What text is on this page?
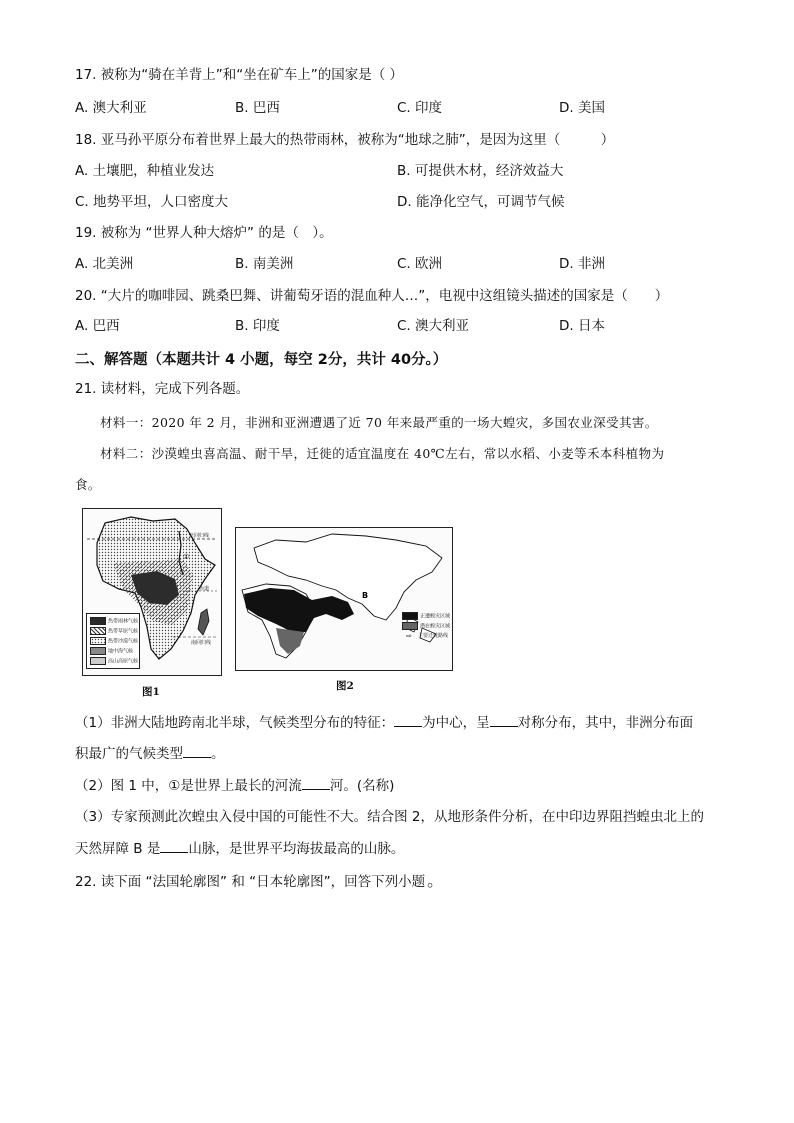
17. 被称为“骑在羊背上”和“坐在矿车上”的国家是（ ）
A. 澳大利亚	B. 巴西	C. 印度	D. 美国
18. 亚马孙平原分布着世界上最大的热带雨林，被称为“地球之肺”，是因为这里（　　　）
A. 土壤肥，种植业发达	B. 可提供木材，经济效益大
C. 地势平坦，人口密度大	D. 能净化空气，可调节气候
19. 被称为 “世界人种大熔炉” 的是（　）。
A. 北美洲	B. 南美洲	C. 欧洲	D. 非洲
20. “大片的咖啡园、跳桑巴舞、讲葡萄牙语的混血种人…”，电视中这组镜头描述的国家是（　　）
A. 巴西	B. 印度	C. 澳大利亚	D. 日本
二、解答题（本题共计 4 小题，每空 2分，共计 40分。）
21. 读材料，完成下列各题。
材料一：2020 年 2 月，非洲和亚洲遭遇了近 70 年来最严重的一场大蝗灾，多国农业深受其害。
材料二：沙漠蝗虫喜高温、耐干旱，迁徙的适宜温度在 40℃左右，常以水稻、小麦等禾本科植物为
食。
①
北回归线
赤道
南回归线
热带雨林气候
热带草原气候
热带沙漠气候
地中海气候
高山高原气候
图1
B
正遭蝗灾区域
潜在蝗灾区域
⇨ 主要迁徙路线
图2
（1）非洲大陆地跨南北半球，气候类型分布的特征： 为中心，呈 对称分布，其中，非洲分布面
积最广的气候类型 。
（2）图 1 中，①是世界上最长的河流 河。(名称)
（3）专家预测此次蝗虫入侵中国的可能性不大。结合图 2，从地形条件分析，在中印边界阻挡蝗虫北上的
天然屏障 B 是 山脉，是世界平均海拔最高的山脉。
22. 读下面 “法国轮廓图” 和 “日本轮廓图”，回答下列小题 。
